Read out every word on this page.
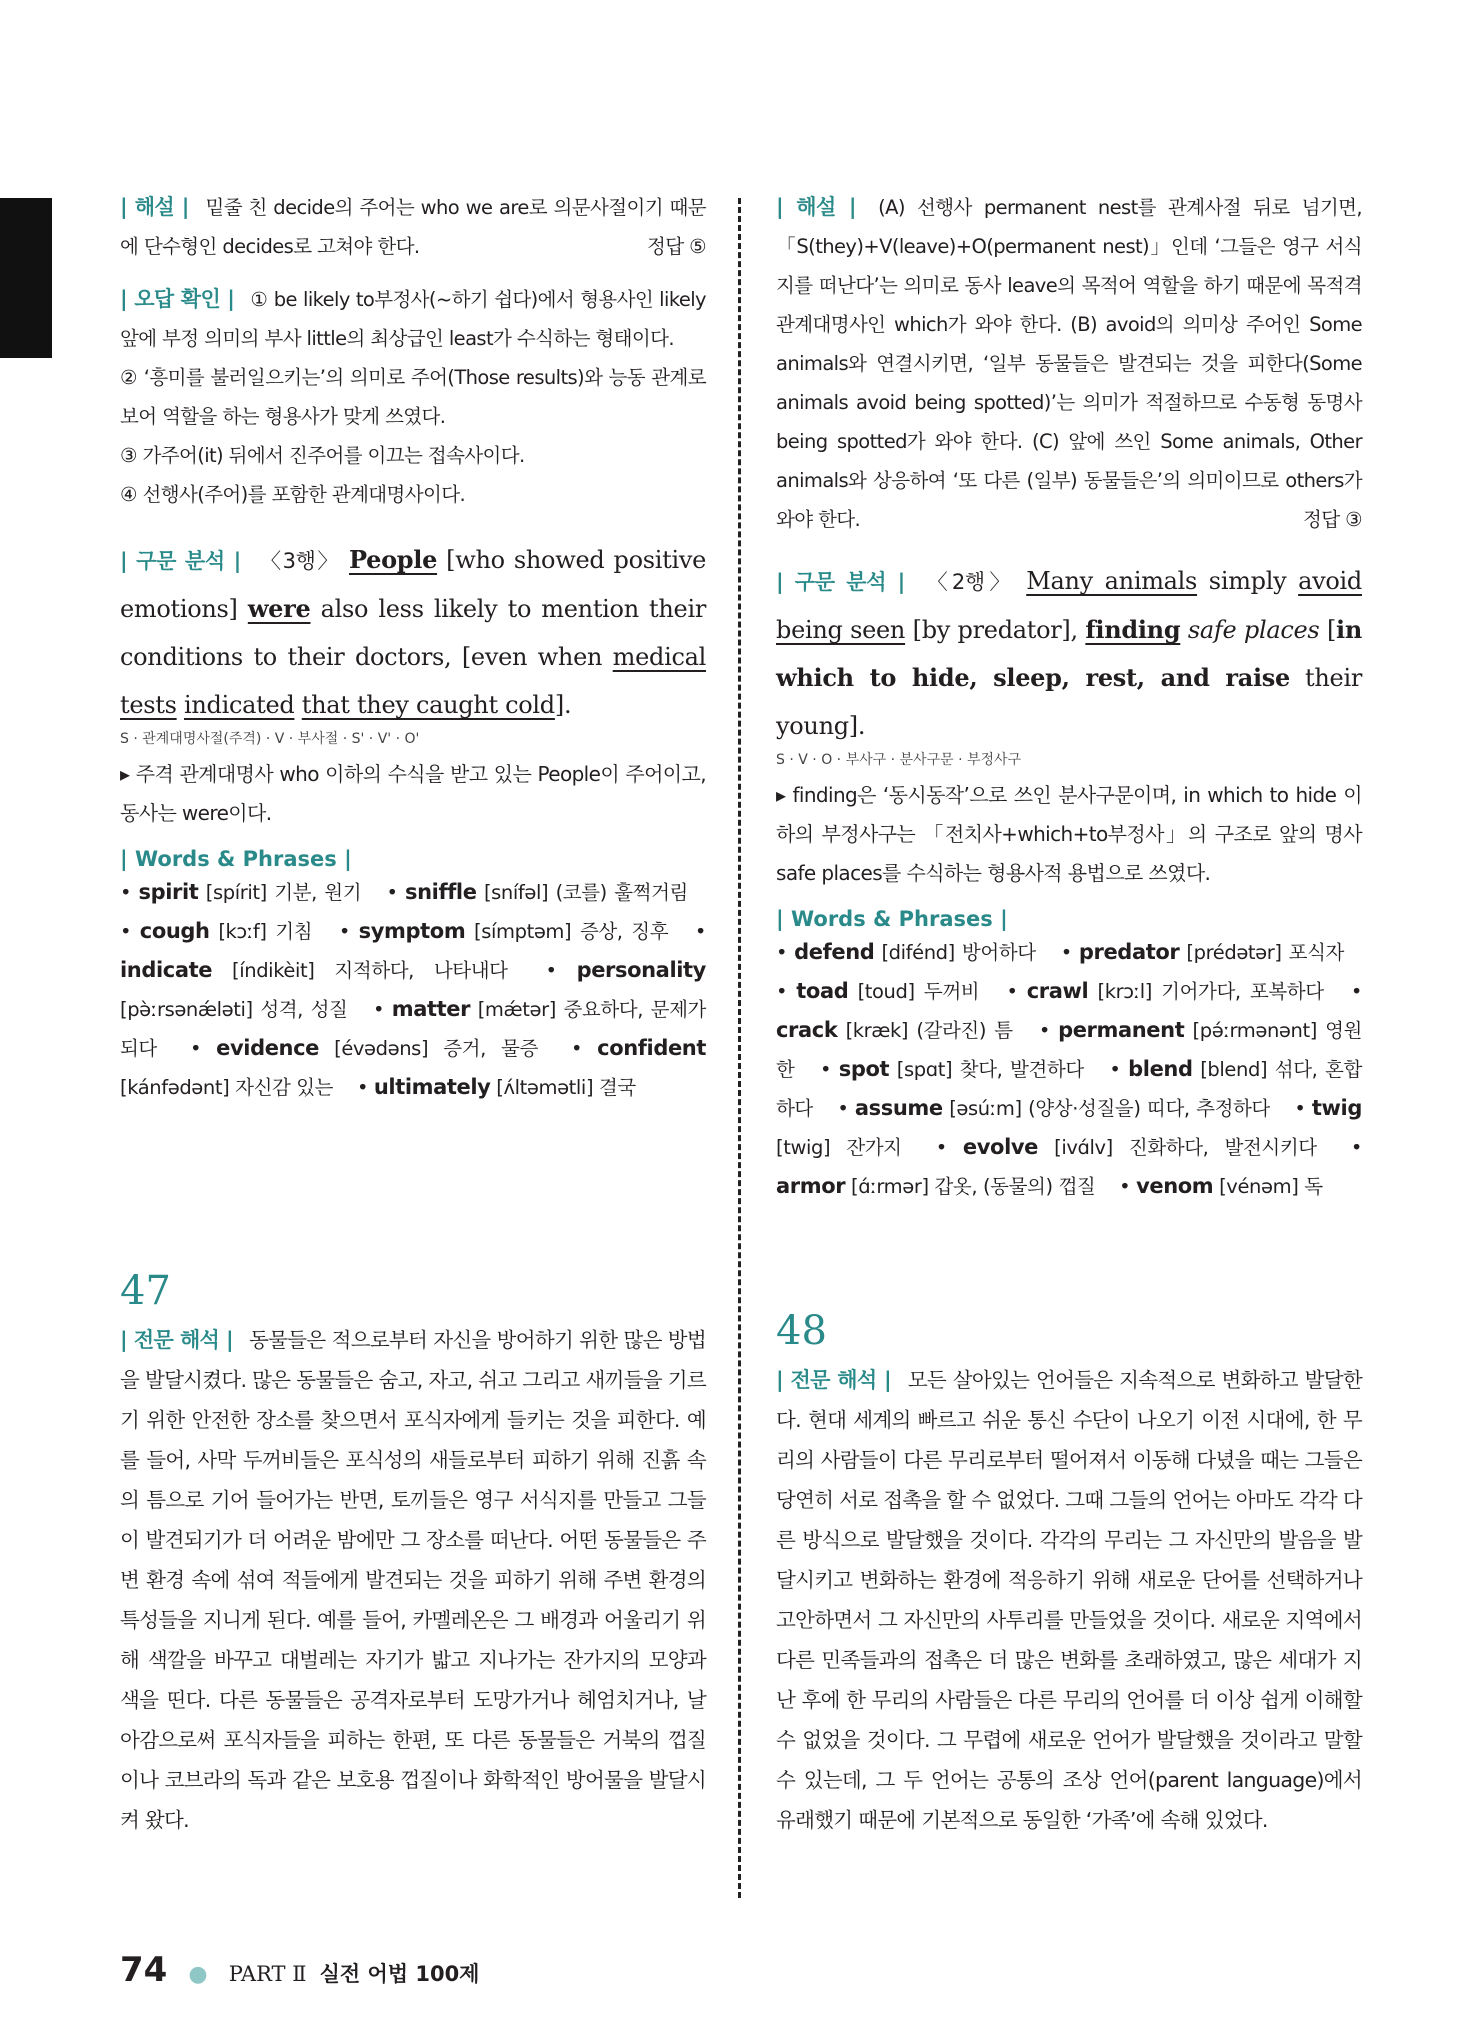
| 해설 | 밑줄 친 decide의 주어는 who we are로 의문사절이기 때문에 단수형인 decides로 고쳐야 한다.	정답 ⑤

| 오답 확인 | ① be likely to부정사(~하기 쉽다)에서 형용사인 likely 앞에 부정 의미의 부사 little의 최상급인 least가 수식하는 형태이다.

② ‘흥미를 불러일으키는’의 의미로 주어(Those results)와 능동 관계로 보어 역할을 하는 형용사가 맞게 쓰였다.

③ 가주어(it) 뒤에서 진주어를 이끄는 접속사이다.

④ 선행사(주어)를 포함한 관계대명사이다.

| 구문 분석 | 〈3행〉 People [who showed positive emotions] were also less likely to mention their conditions to their doctors, [even when medical tests indicated that they caught cold].

S · 관계대명사절(주격) · V · 부사절 · S' · V' · O'

▸ 주격 관계대명사 who 이하의 수식을 받고 있는 People이 주어이고, 동사는 were이다.

| Words & Phrases |

• spirit [spírit] 기분, 원기 • sniffle [snífəl] (코를) 훌쩍거림 • cough [kɔːf] 기침 • symptom [símptəm] 증상, 징후 • indicate [índikèit] 지적하다, 나타내다 • personality [pə̀ːrsənǽləti] 성격, 성질 • matter [mǽtər] 중요하다, 문제가 되다 • evidence [évədəns] 증거, 물증 • confident [kánfədənt] 자신감 있는 • ultimately [ʌ́ltəmətli] 결국

47

| 전문 해석 | 동물들은 적으로부터 자신을 방어하기 위한 많은 방법을 발달시켰다. 많은 동물들은 숨고, 자고, 쉬고 그리고 새끼들을 기르기 위한 안전한 장소를 찾으면서 포식자에게 들키는 것을 피한다. 예를 들어, 사막 두꺼비들은 포식성의 새들로부터 피하기 위해 진흙 속의 틈으로 기어 들어가는 반면, 토끼들은 영구 서식지를 만들고 그들이 발견되기가 더 어려운 밤에만 그 장소를 떠난다. 어떤 동물들은 주변 환경 속에 섞여 적들에게 발견되는 것을 피하기 위해 주변 환경의 특성들을 지니게 된다. 예를 들어, 카멜레온은 그 배경과 어울리기 위해 색깔을 바꾸고 대벌레는 자기가 밟고 지나가는 잔가지의 모양과 색을 띤다. 다른 동물들은 공격자로부터 도망가거나 헤엄치거나, 날아감으로써 포식자들을 피하는 한편, 또 다른 동물들은 거북의 껍질이나 코브라의 독과 같은 보호용 껍질이나 화학적인 방어물을 발달시켜 왔다.

| 해설 | (A) 선행사 permanent nest를 관계사절 뒤로 넘기면, 「S(they)+V(leave)+O(permanent nest)」인데 ‘그들은 영구 서식지를 떠난다’는 의미로 동사 leave의 목적어 역할을 하기 때문에 목적격 관계대명사인 which가 와야 한다. (B) avoid의 의미상 주어인 Some animals와 연결시키면, ‘일부 동물들은 발견되는 것을 피한다(Some animals avoid being spotted)’는 의미가 적절하므로 수동형 동명사 being spotted가 와야 한다. (C) 앞에 쓰인 Some animals, Other animals와 상응하여 ‘또 다른 (일부) 동물들은’의 의미이므로 others가 와야 한다.	정답 ③

| 구문 분석 | 〈2행〉 Many animals simply avoid being seen [by predator], finding safe places [in which to hide, sleep, rest, and raise their young].

S · V · O · 부사구 · 분사구문 · 부정사구

▸ finding은 ‘동시동작’으로 쓰인 분사구문이며, in which to hide 이하의 부정사구는 「전치사+which+to부정사」의 구조로 앞의 명사 safe places를 수식하는 형용사적 용법으로 쓰였다.

| Words & Phrases |

• defend [difénd] 방어하다 • predator [prédətər] 포식자 • toad [toud] 두꺼비 • crawl [krɔːl] 기어가다, 포복하다 • crack [kræk] (갈라진) 틈 • permanent [pə́ːrmənənt] 영원한 • spot [spɑt] 찾다, 발견하다 • blend [blend] 섞다, 혼합하다 • assume [əsúːm] (양상·성질을) 띠다, 추정하다 • twig [twig] 잔가지 • evolve [ivɑ́lv] 진화하다, 발전시키다 • armor [ɑ́ːrmər] 갑옷, (동물의) 껍질 • venom [vénəm] 독

48

| 전문 해석 | 모든 살아있는 언어들은 지속적으로 변화하고 발달한다. 현대 세계의 빠르고 쉬운 통신 수단이 나오기 이전 시대에, 한 무리의 사람들이 다른 무리로부터 떨어져서 이동해 다녔을 때는 그들은 당연히 서로 접촉을 할 수 없었다. 그때 그들의 언어는 아마도 각각 다른 방식으로 발달했을 것이다. 각각의 무리는 그 자신만의 발음을 발달시키고 변화하는 환경에 적응하기 위해 새로운 단어를 선택하거나 고안하면서 그 자신만의 사투리를 만들었을 것이다. 새로운 지역에서 다른 민족들과의 접촉은 더 많은 변화를 초래하였고, 많은 세대가 지난 후에 한 무리의 사람들은 다른 무리의 언어를 더 이상 쉽게 이해할 수 없었을 것이다. 그 무렵에 새로운 언어가 발달했을 것이라고 말할 수 있는데, 그 두 언어는 공통의 조상 언어(parent language)에서 유래했기 때문에 기본적으로 동일한 ‘가족’에 속해 있었다.

74 ● PART Ⅱ 실전 어법 100제
